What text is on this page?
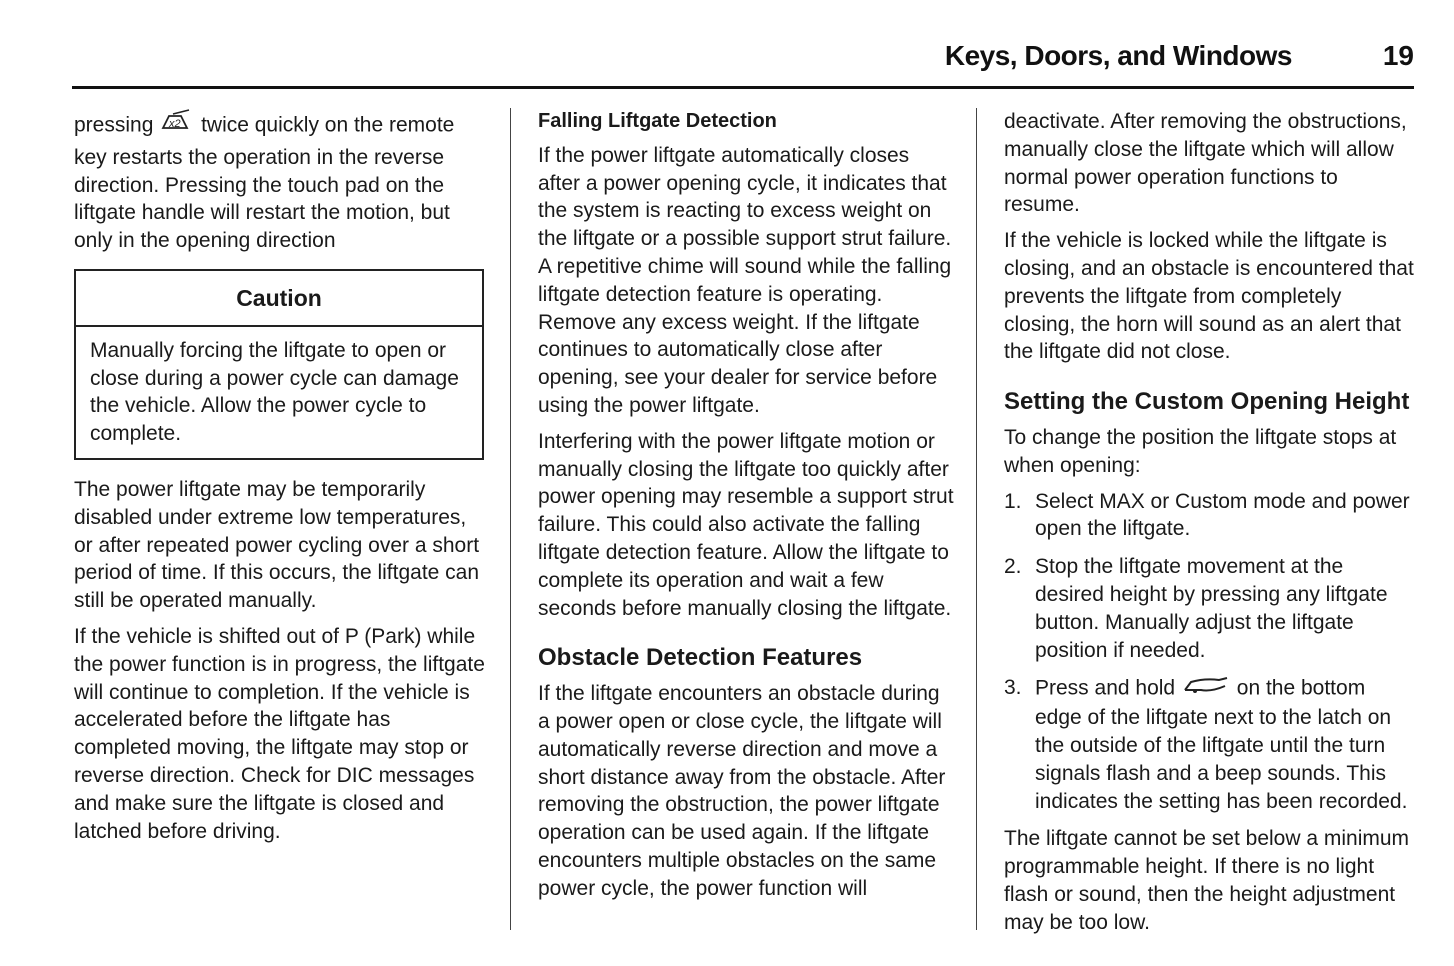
Keys, Doors, and Windows	19

pressing x2 twice quickly on the remote key restarts the operation in the reverse direction. Pressing the touch pad on the liftgate handle will restart the motion, but only in the opening direction

Caution
Manually forcing the liftgate to open or close during a power cycle can damage the vehicle. Allow the power cycle to complete.

The power liftgate may be temporarily disabled under extreme low temperatures, or after repeated power cycling over a short period of time. If this occurs, the liftgate can still be operated manually.

If the vehicle is shifted out of P (Park) while the power function is in progress, the liftgate will continue to completion. If the vehicle is accelerated before the liftgate has completed moving, the liftgate may stop or reverse direction. Check for DIC messages and make sure the liftgate is closed and latched before driving.

Falling Liftgate Detection

If the power liftgate automatically closes after a power opening cycle, it indicates that the system is reacting to excess weight on the liftgate or a possible support strut failure. A repetitive chime will sound while the falling liftgate detection feature is operating. Remove any excess weight. If the liftgate continues to automatically close after opening, see your dealer for service before using the power liftgate.

Interfering with the power liftgate motion or manually closing the liftgate too quickly after power opening may resemble a support strut failure. This could also activate the falling liftgate detection feature. Allow the liftgate to complete its operation and wait a few seconds before manually closing the liftgate.

Obstacle Detection Features

If the liftgate encounters an obstacle during a power open or close cycle, the liftgate will automatically reverse direction and move a short distance away from the obstacle. After removing the obstruction, the power liftgate operation can be used again. If the liftgate encounters multiple obstacles on the same power cycle, the power function will

deactivate. After removing the obstructions, manually close the liftgate which will allow normal power operation functions to resume.

If the vehicle is locked while the liftgate is closing, and an obstacle is encountered that prevents the liftgate from completely closing, the horn will sound as an alert that the liftgate did not close.

Setting the Custom Opening Height

To change the position the liftgate stops at when opening:

1. Select MAX or Custom mode and power open the liftgate.
2. Stop the liftgate movement at the desired height by pressing any liftgate button. Manually adjust the liftgate position if needed.
3. Press and hold	on the bottom edge of the liftgate next to the latch on the outside of the liftgate until the turn signals flash and a beep sounds. This indicates the setting has been recorded.

The liftgate cannot be set below a minimum programmable height. If there is no light flash or sound, then the height adjustment may be too low.
